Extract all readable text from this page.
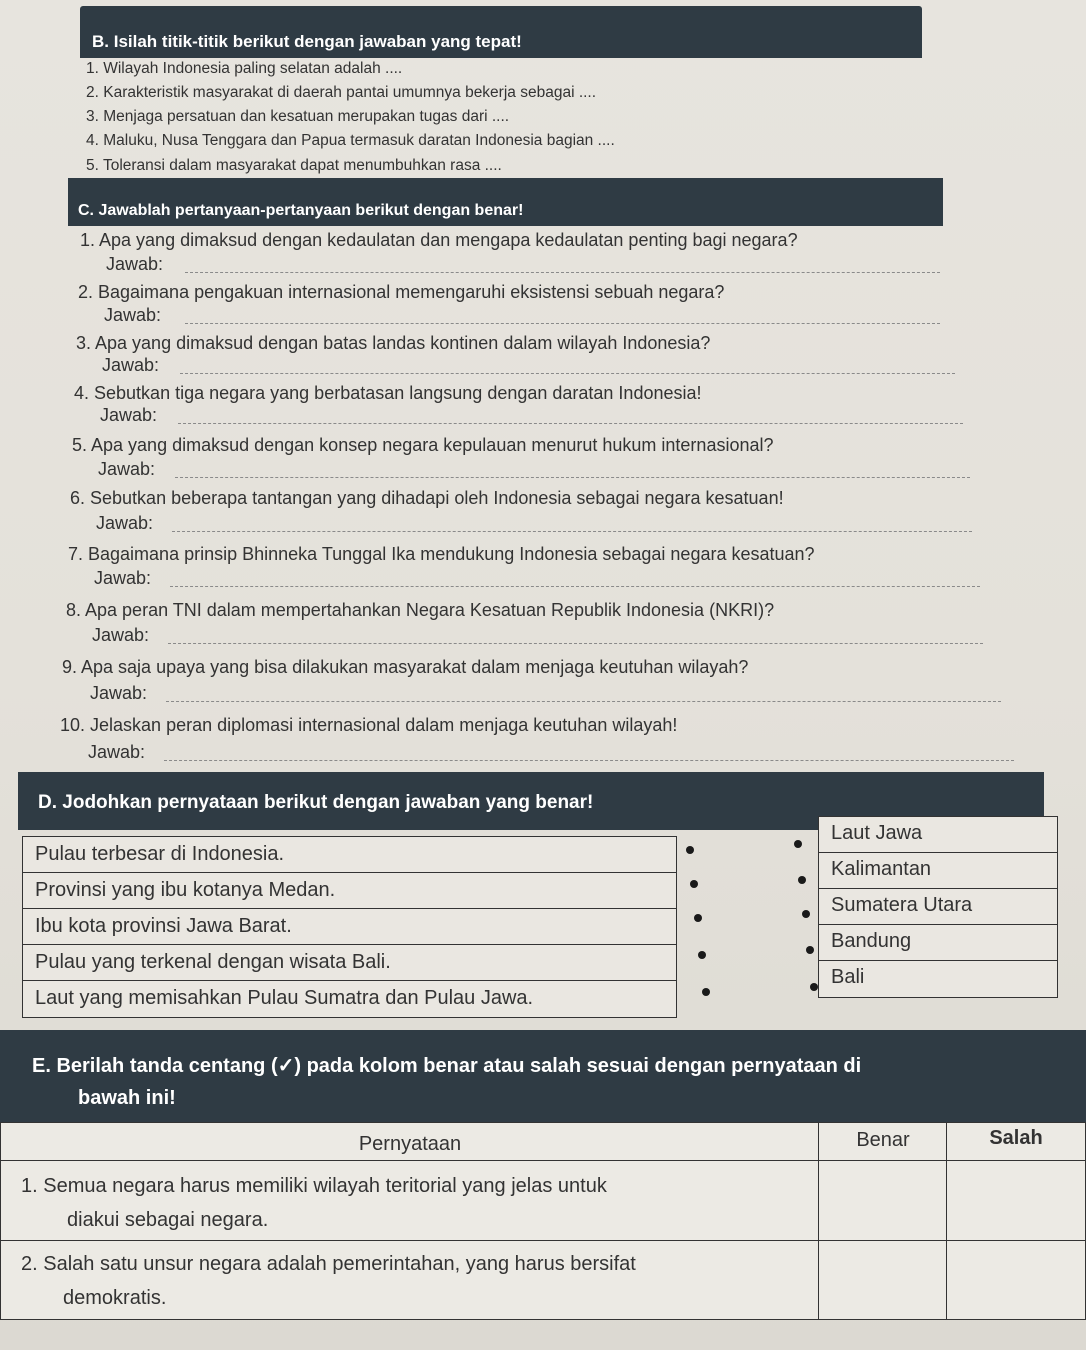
B. Isilah titik-titik berikut dengan jawaban yang tepat!
1. Wilayah Indonesia paling selatan adalah ....
2. Karakteristik masyarakat di daerah pantai umumnya bekerja sebagai ....
3. Menjaga persatuan dan kesatuan merupakan tugas dari ....
4. Maluku, Nusa Tenggara dan Papua termasuk daratan Indonesia bagian ....
5. Toleransi dalam masyarakat dapat menumbuhkan rasa ....
C. Jawablah pertanyaan-pertanyaan berikut dengan benar!
1. Apa yang dimaksud dengan kedaulatan dan mengapa kedaulatan penting bagi negara?
Jawab:
2. Bagaimana pengakuan internasional memengaruhi eksistensi sebuah negara?
Jawab:
3. Apa yang dimaksud dengan batas landas kontinen dalam wilayah Indonesia?
Jawab:
4. Sebutkan tiga negara yang berbatasan langsung dengan daratan Indonesia!
Jawab:
5. Apa yang dimaksud dengan konsep negara kepulauan menurut hukum internasional?
Jawab:
6. Sebutkan beberapa tantangan yang dihadapi oleh Indonesia sebagai negara kesatuan!
Jawab:
7. Bagaimana prinsip Bhinneka Tunggal Ika mendukung Indonesia sebagai negara kesatuan?
Jawab:
8. Apa peran TNI dalam mempertahankan Negara Kesatuan Republik Indonesia (NKRI)?
Jawab:
9. Apa saja upaya yang bisa dilakukan masyarakat dalam menjaga keutuhan wilayah?
Jawab:
10. Jelaskan peran diplomasi internasional dalam menjaga keutuhan wilayah!
Jawab:
D. Jodohkan pernyataan berikut dengan jawaban yang benar!
Pulau terbesar di Indonesia.
Provinsi yang ibu kotanya Medan.
Ibu kota provinsi Jawa Barat.
Pulau yang terkenal dengan wisata Bali.
Laut yang memisahkan Pulau Sumatra dan Pulau Jawa.
Laut Jawa
Kalimantan
Sumatera Utara
Bandung
Bali
E. Berilah tanda centang (✓) pada kolom benar atau salah sesuai dengan pernyataan di
bawah ini!
Pernyataan	Benar	Salah
1. Semua negara harus memiliki wilayah teritorial yang jelas untuk
diakui sebagai negara.
2. Salah satu unsur negara adalah pemerintahan, yang harus bersifat
demokratis.
